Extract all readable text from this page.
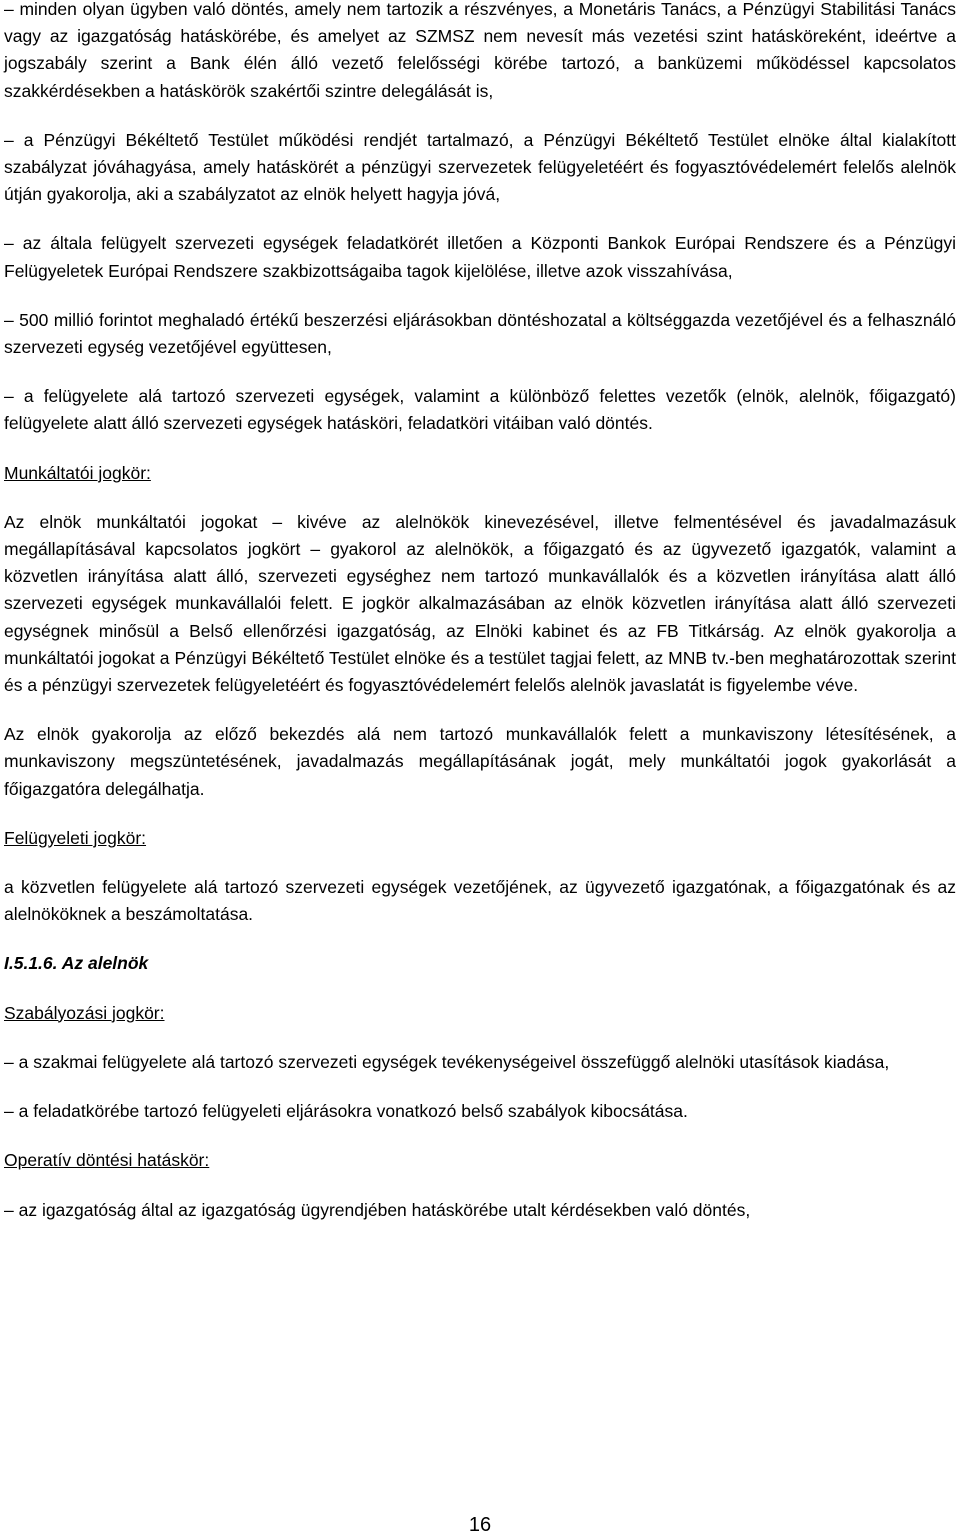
– minden olyan ügyben való döntés, amely nem tartozik a részvényes, a Monetáris Tanács, a Pénzügyi Stabilitási Tanács vagy az igazgatóság hatáskörébe, és amelyet az SZMSZ nem nevesít más vezetési szint hatásköreként, ideértve a jogszabály szerint a Bank élén álló vezető felelősségi körébe tartozó, a banküzemi működéssel kapcsolatos szakkérdésekben a hatáskörök szakértői szintre delegálását is,

– a Pénzügyi Békéltető Testület működési rendjét tartalmazó, a Pénzügyi Békéltető Testület elnöke által kialakított szabályzat jóváhagyása, amely hatáskörét a pénzügyi szervezetek felügyeletéért és fogyasztóvédelemért felelős alelnök útján gyakorolja, aki a szabályzatot az elnök helyett hagyja jóvá,

– az általa felügyelt szervezeti egységek feladatkörét illetően a Központi Bankok Európai Rendszere és a Pénzügyi Felügyeletek Európai Rendszere szakbizottságaiba tagok kijelölése, illetve azok visszahívása,

– 500 millió forintot meghaladó értékű beszerzési eljárásokban döntéshozatal a költséggazda vezetőjével és a felhasználó szervezeti egység vezetőjével együttesen,

– a felügyelete alá tartozó szervezeti egységek, valamint a különböző felettes vezetők (elnök, alelnök, főigazgató) felügyelete alatt álló szervezeti egységek hatásköri, feladatköri vitáiban való döntés.

Munkáltatói jogkör:

Az elnök munkáltatói jogokat – kivéve az alelnökök kinevezésével, illetve felmentésével és javadalmazásuk megállapításával kapcsolatos jogkört – gyakorol az alelnökök, a főigazgató és az ügyvezető igazgatók, valamint a közvetlen irányítása alatt álló, szervezeti egységhez nem tartozó munkavállalók és a közvetlen irányítása alatt álló szervezeti egységek munkavállalói felett. E jogkör alkalmazásában az elnök közvetlen irányítása alatt álló szervezeti egységnek minősül a Belső ellenőrzési igazgatóság, az Elnöki kabinet és az FB Titkárság. Az elnök gyakorolja a munkáltatói jogokat a Pénzügyi Békéltető Testület elnöke és a testület tagjai felett, az MNB tv.-ben meghatározottak szerint és a pénzügyi szervezetek felügyeletéért és fogyasztóvédelemért felelős alelnök javaslatát is figyelembe véve.

Az elnök gyakorolja az előző bekezdés alá nem tartozó munkavállalók felett a munkaviszony létesítésének, a munkaviszony megszüntetésének, javadalmazás megállapításának jogát, mely munkáltatói jogok gyakorlását a főigazgatóra delegálhatja.

Felügyeleti jogkör:

a közvetlen felügyelete alá tartozó szervezeti egységek vezetőjének, az ügyvezető igazgatónak, a főigazgatónak és az alelnököknek a beszámoltatása.

I.5.1.6. Az alelnök

Szabályozási jogkör:

– a szakmai felügyelete alá tartozó szervezeti egységek tevékenységeivel összefüggő alelnöki utasítások kiadása,

– a feladatkörébe tartozó felügyeleti eljárásokra vonatkozó belső szabályok kibocsátása.

Operatív döntési hatáskör:

– az igazgatóság által az igazgatóság ügyrendjében hatáskörébe utalt kérdésekben való döntés,

16
